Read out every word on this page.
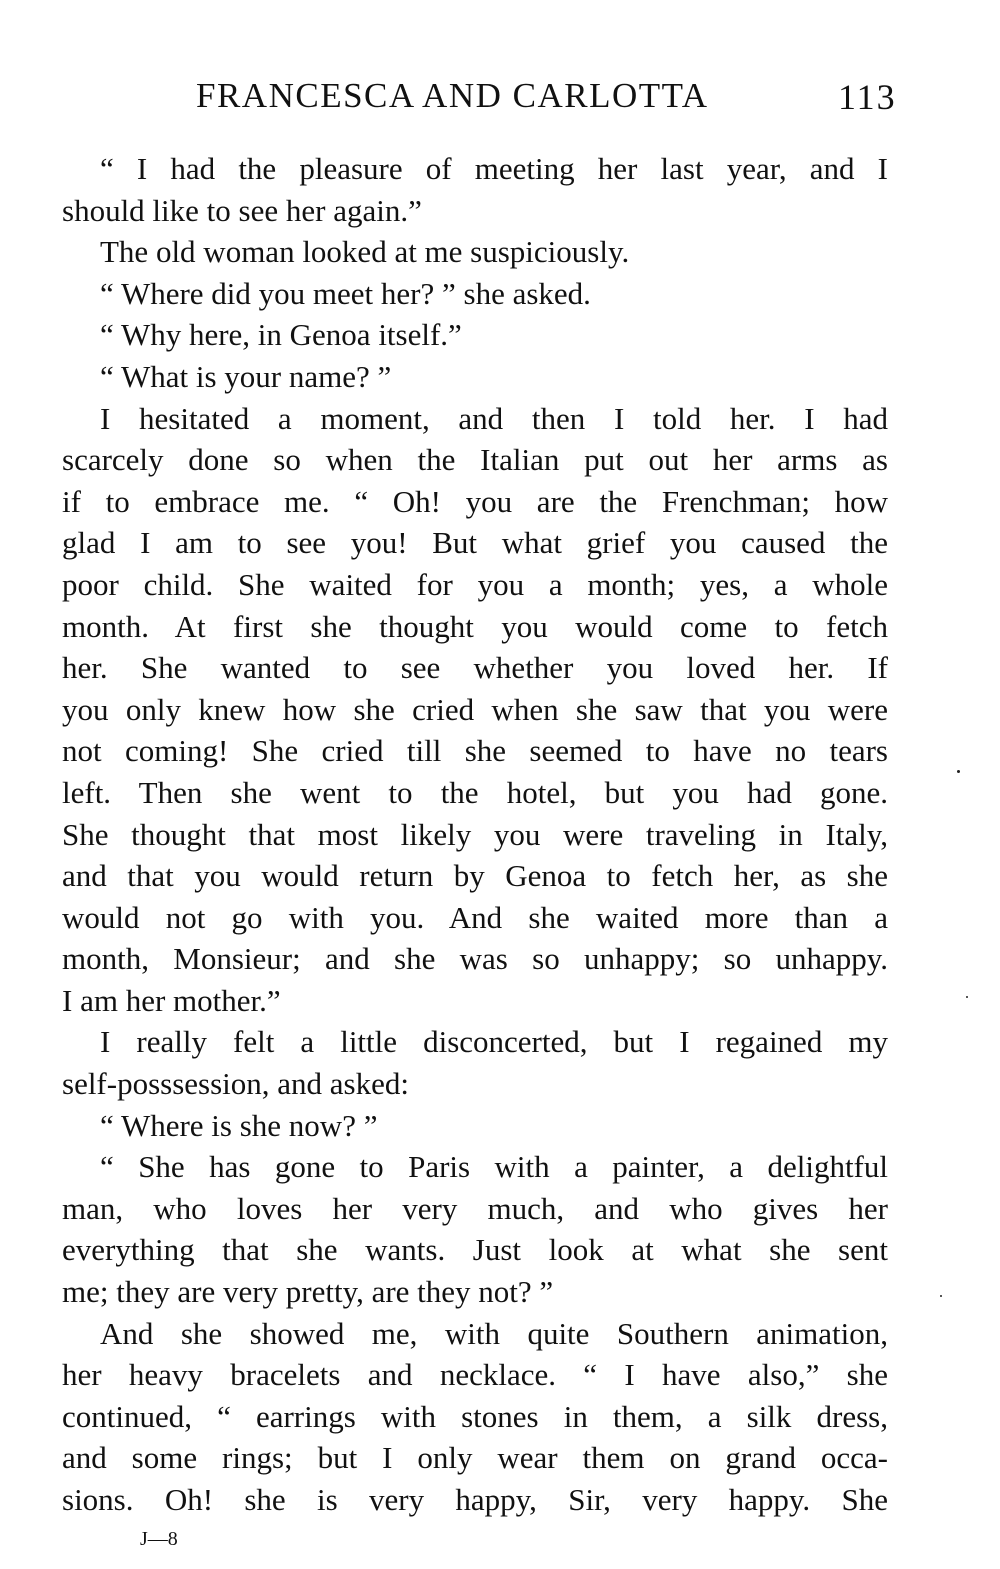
FRANCESCA AND CARLOTTA	113
“ I had the pleasure of meeting her last year, and I
should like to see her again.”
The old woman looked at me suspiciously.
“ Where did you meet her? ” she asked.
“ Why here, in Genoa itself.”
“ What is your name? ”
I hesitated a moment, and then I told her. I had
scarcely done so when the Italian put out her arms as
if to embrace me. “ Oh! you are the Frenchman; how
glad I am to see you! But what grief you caused the
poor child. She waited for you a month; yes, a whole
month. At first she thought you would come to fetch
her. She wanted to see whether you loved her. If
you only knew how she cried when she saw that you were
not coming! She cried till she seemed to have no tears
left. Then she went to the hotel, but you had gone.
She thought that most likely you were traveling in Italy,
and that you would return by Genoa to fetch her, as she
would not go with you. And she waited more than a
month, Monsieur; and she was so unhappy; so unhappy.
I am her mother.”
I really felt a little disconcerted, but I regained my
self-posssession, and asked:
“ Where is she now? ”
“ She has gone to Paris with a painter, a delightful
man, who loves her very much, and who gives her
everything that she wants. Just look at what she sent
me; they are very pretty, are they not? ”
And she showed me, with quite Southern animation,
her heavy bracelets and necklace. “ I have also,” she
continued, “ earrings with stones in them, a silk dress,
and some rings; but I only wear them on grand occa-
sions. Oh! she is very happy, Sir, very happy. She
J—8
